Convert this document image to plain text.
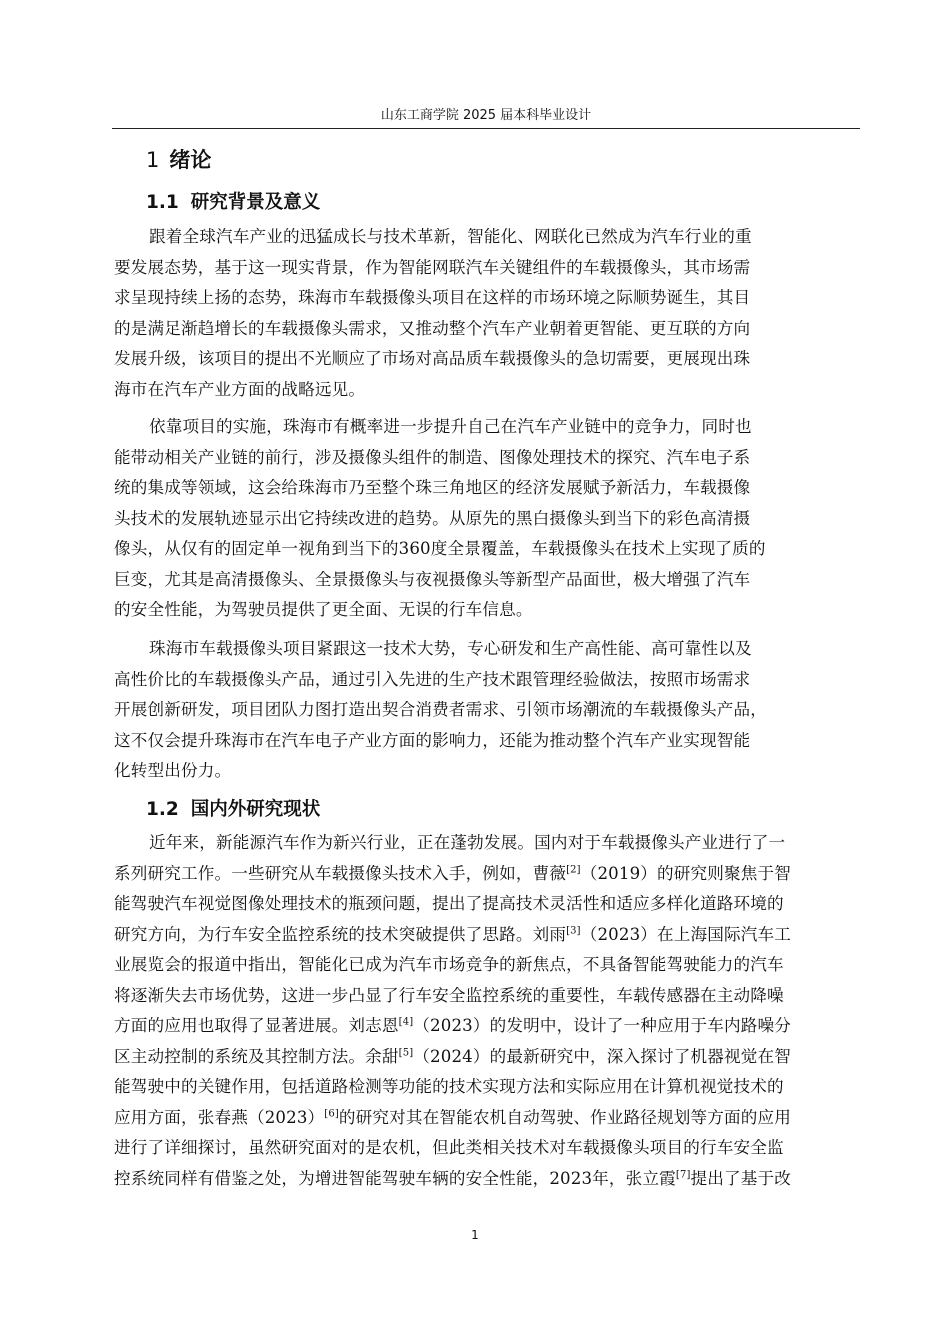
山东工商学院 2025 届本科毕业设计
1 绪论
1.1 研究背景及意义
跟着全球汽车产业的迅猛成长与技术革新，智能化、网联化已然成为汽车行业的重
要发展态势，基于这一现实背景，作为智能网联汽车关键组件的车载摄像头，其市场需
求呈现持续上扬的态势，珠海市车载摄像头项目在这样的市场环境之际顺势诞生，其目
的是满足渐趋增长的车载摄像头需求，又推动整个汽车产业朝着更智能、更互联的方向
发展升级，该项目的提出不光顺应了市场对高品质车载摄像头的急切需要，更展现出珠
海市在汽车产业方面的战略远见。
依靠项目的实施，珠海市有概率进一步提升自己在汽车产业链中的竞争力，同时也
能带动相关产业链的前行，涉及摄像头组件的制造、图像处理技术的探究、汽车电子系
统的集成等领域，这会给珠海市乃至整个珠三角地区的经济发展赋予新活力，车载摄像
头技术的发展轨迹显示出它持续改进的趋势。从原先的黑白摄像头到当下的彩色高清摄
像头，从仅有的固定单一视角到当下的360度全景覆盖，车载摄像头在技术上实现了质的
巨变，尤其是高清摄像头、全景摄像头与夜视摄像头等新型产品面世，极大增强了汽车
的安全性能，为驾驶员提供了更全面、无误的行车信息。
珠海市车载摄像头项目紧跟这一技术大势，专心研发和生产高性能、高可靠性以及
高性价比的车载摄像头产品，通过引入先进的生产技术跟管理经验做法，按照市场需求
开展创新研发，项目团队力图打造出契合消费者需求、引领市场潮流的车载摄像头产品，
这不仅会提升珠海市在汽车电子产业方面的影响力，还能为推动整个汽车产业实现智能
化转型出份力。
1.2 国内外研究现状
近年来，新能源汽车作为新兴行业，正在蓬勃发展。国内对于车载摄像头产业进行了一
系列研究工作。一些研究从车载摄像头技术入手，例如，曹薇[2]（2019）的研究则聚焦于智
能驾驶汽车视觉图像处理技术的瓶颈问题，提出了提高技术灵活性和适应多样化道路环境的
研究方向，为行车安全监控系统的技术突破提供了思路。刘雨[3]（2023）在上海国际汽车工
业展览会的报道中指出，智能化已成为汽车市场竞争的新焦点，不具备智能驾驶能力的汽车
将逐渐失去市场优势，这进一步凸显了行车安全监控系统的重要性，车载传感器在主动降噪
方面的应用也取得了显著进展。刘志恩[4]（2023）的发明中，设计了一种应用于车内路噪分
区主动控制的系统及其控制方法。余甜[5]（2024）的最新研究中，深入探讨了机器视觉在智
能驾驶中的关键作用，包括道路检测等功能的技术实现方法和实际应用在计算机视觉技术的
应用方面，张春燕（2023）[6]的研究对其在智能农机自动驾驶、作业路径规划等方面的应用
进行了详细探讨，虽然研究面对的是农机，但此类相关技术对车载摄像头项目的行车安全监
控系统同样有借鉴之处，为增进智能驾驶车辆的安全性能，2023年，张立霞[7]提出了基于改
1
